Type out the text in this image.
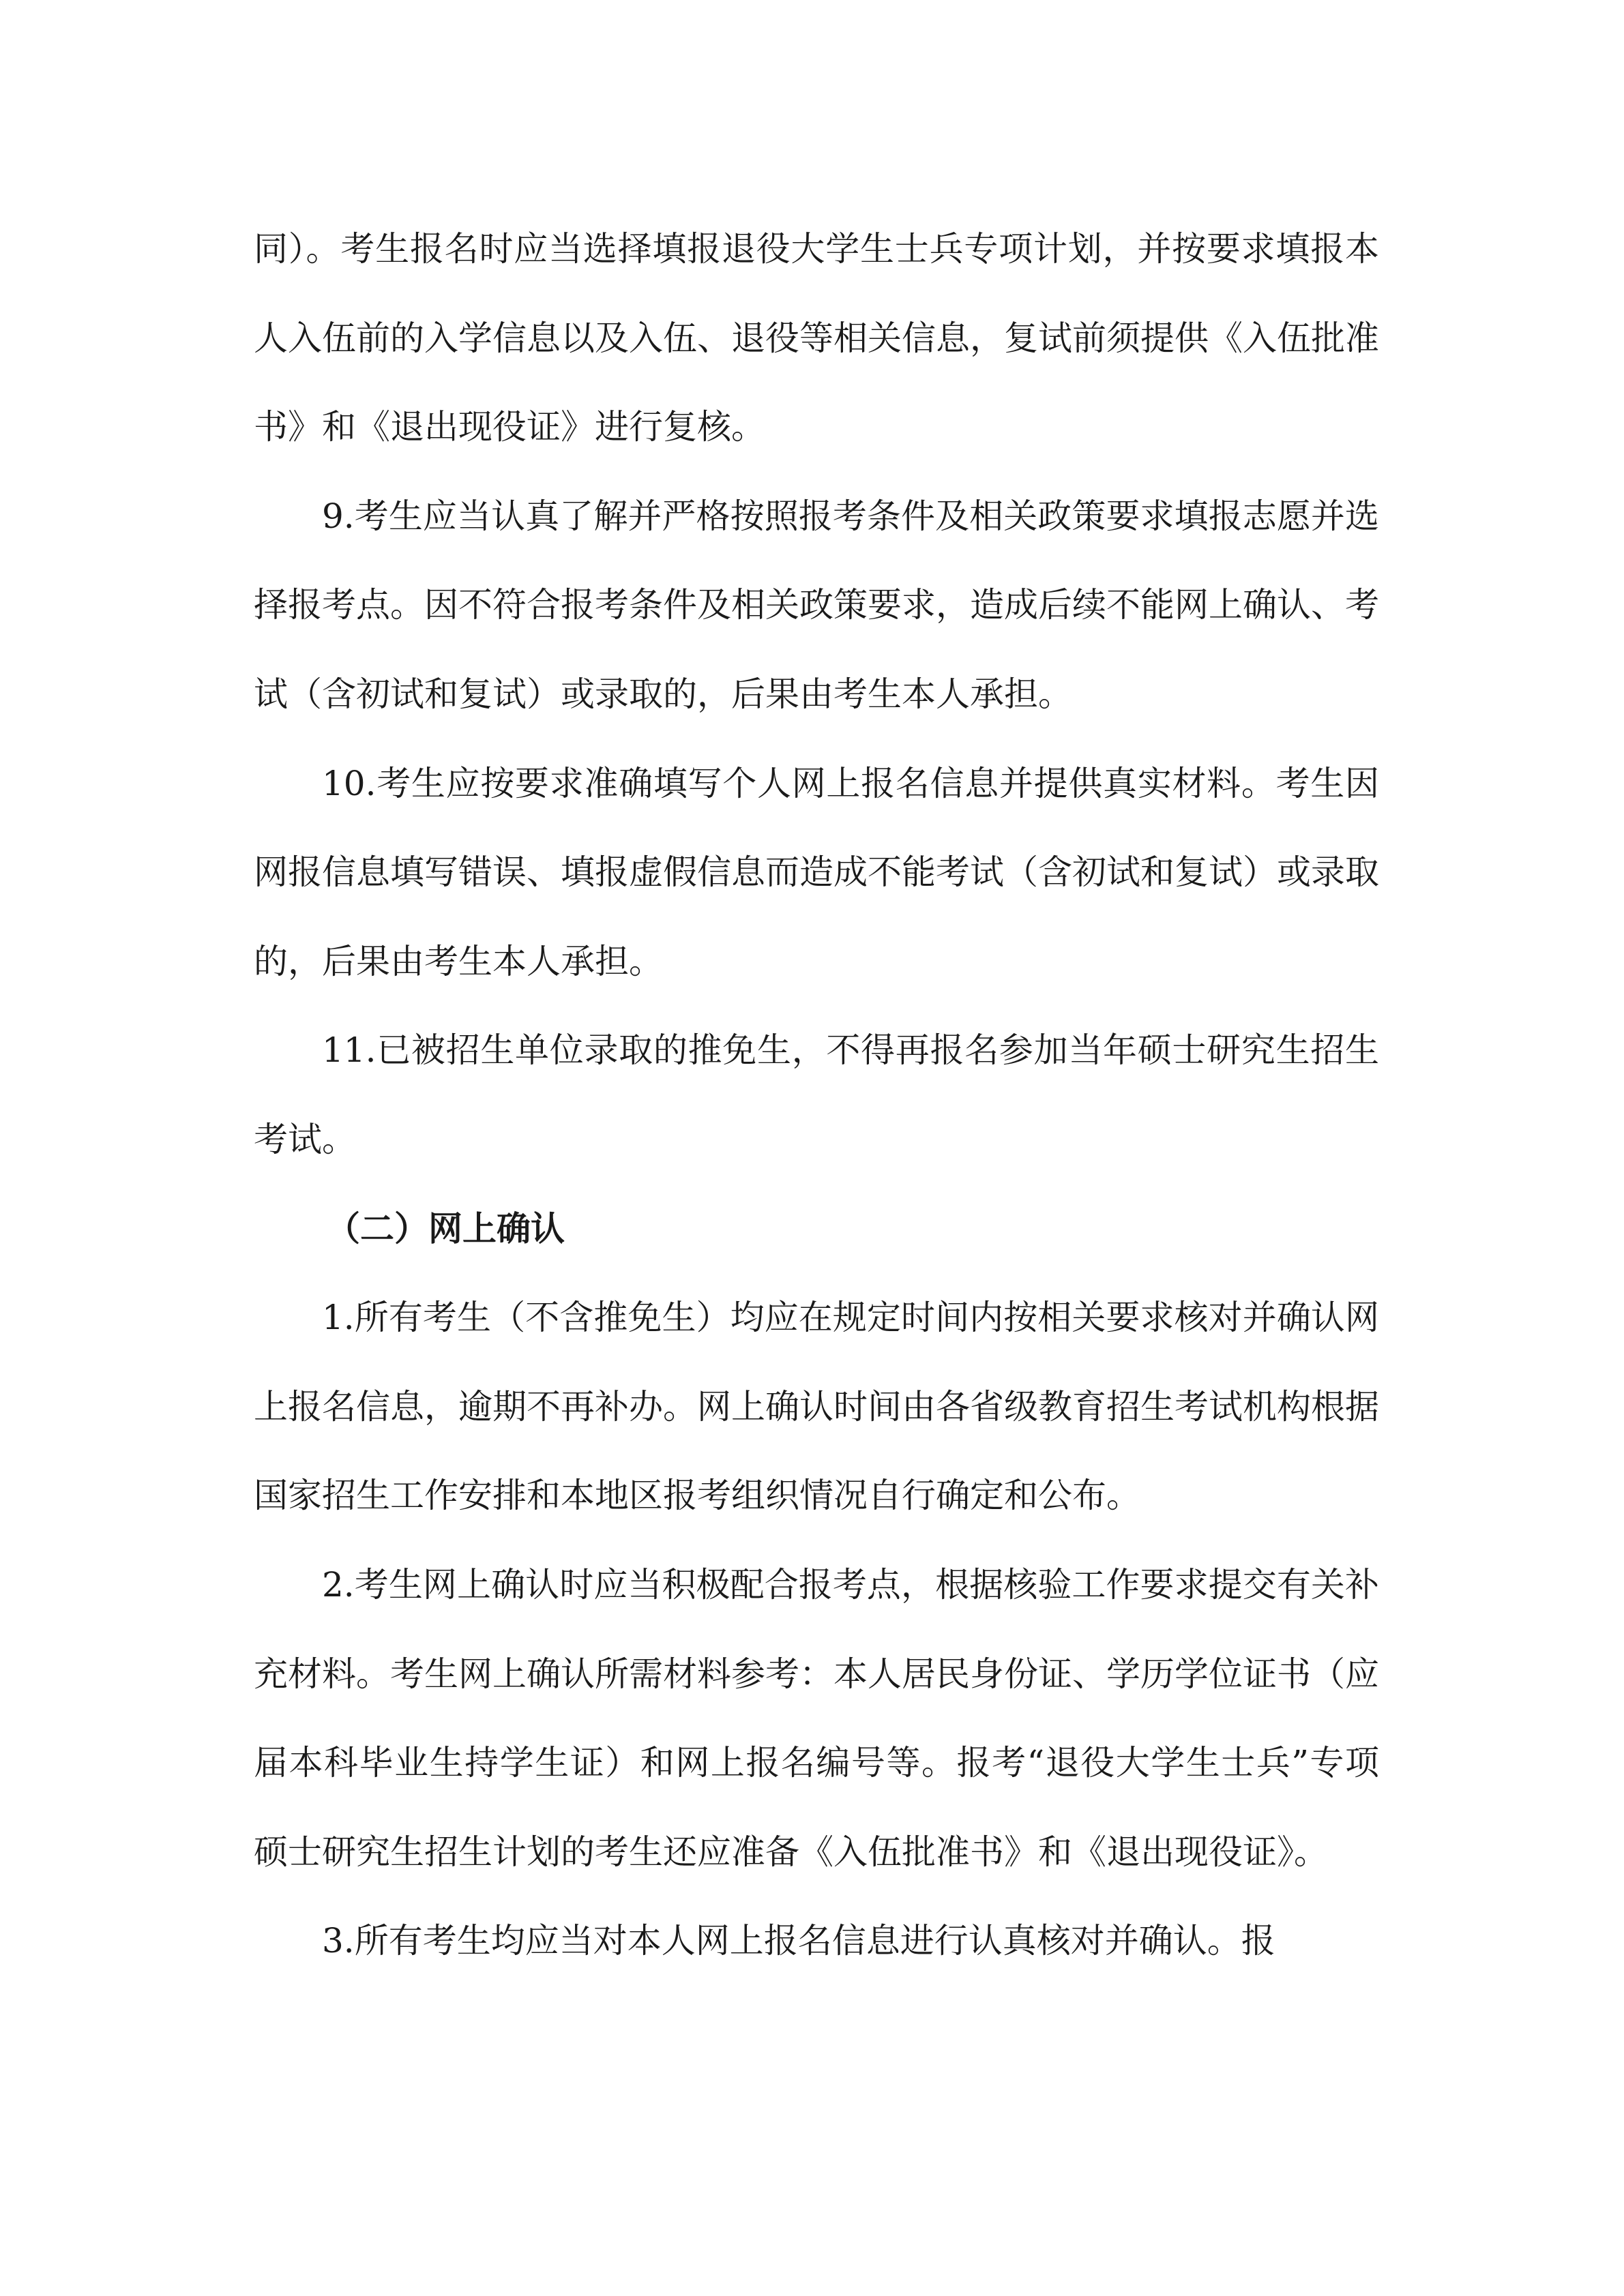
同）。考生报名时应当选择填报退役大学生士兵专项计划，并按要求填报本人入伍前的入学信息以及入伍、退役等相关信息，复试前须提供《入伍批准书》和《退出现役证》进行复核。

9.考生应当认真了解并严格按照报考条件及相关政策要求填报志愿并选择报考点。因不符合报考条件及相关政策要求，造成后续不能网上确认、考试（含初试和复试）或录取的，后果由考生本人承担。

10.考生应按要求准确填写个人网上报名信息并提供真实材料。考生因网报信息填写错误、填报虚假信息而造成不能考试（含初试和复试）或录取的，后果由考生本人承担。

11.已被招生单位录取的推免生，不得再报名参加当年硕士研究生招生考试。

（二）网上确认

1.所有考生（不含推免生）均应在规定时间内按相关要求核对并确认网上报名信息，逾期不再补办。网上确认时间由各省级教育招生考试机构根据国家招生工作安排和本地区报考组织情况自行确定和公布。

2.考生网上确认时应当积极配合报考点，根据核验工作要求提交有关补充材料。考生网上确认所需材料参考：本人居民身份证、学历学位证书（应届本科毕业生持学生证）和网上报名编号等。报考“退役大学生士兵”专项硕士研究生招生计划的考生还应准备《入伍批准书》和《退出现役证》。

3.所有考生均应当对本人网上报名信息进行认真核对并确认。报
